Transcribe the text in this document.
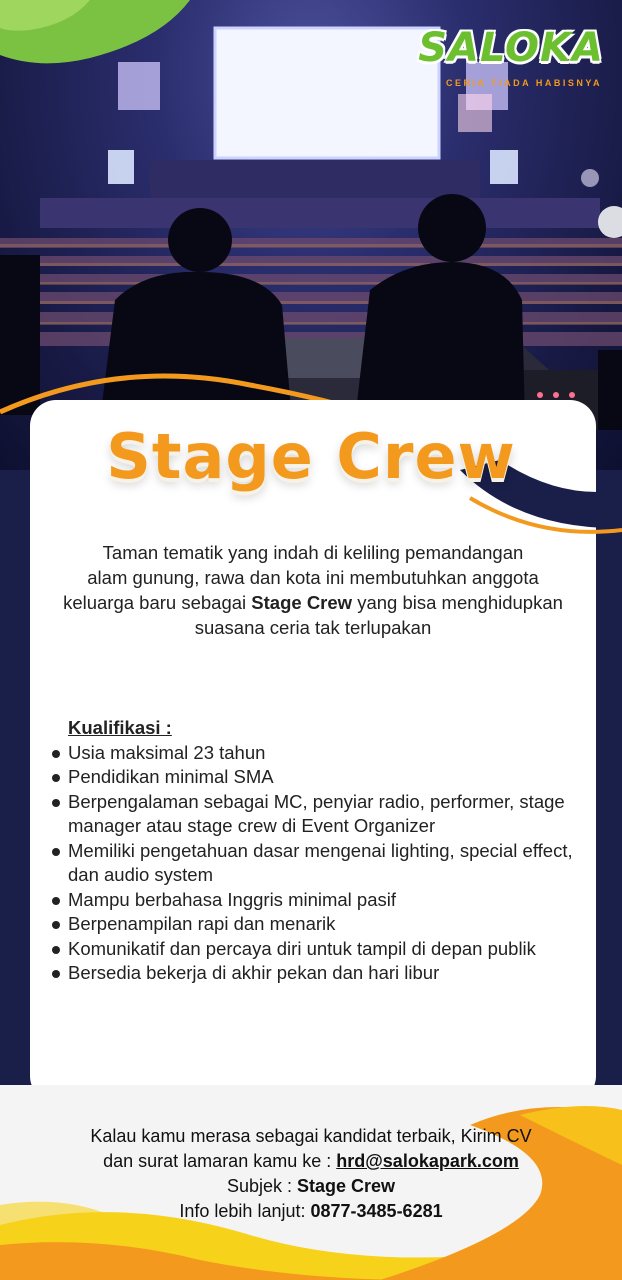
SALOKA
CERIA TIADA HABISNYA
Stage Crew
Taman tematik yang indah di keliling pemandangan
alam gunung, rawa dan kota ini membutuhkan anggota
keluarga baru sebagai Stage Crew yang bisa menghidupkan
suasana ceria tak terlupakan
Kualifikasi :
Usia maksimal 23 tahun
Pendidikan minimal SMA
Berpengalaman sebagai MC, penyiar radio, performer, stage manager atau stage crew di Event Organizer
Memiliki pengetahuan dasar mengenai lighting, special effect, dan audio system
Mampu berbahasa Inggris minimal pasif
Berpenampilan rapi dan menarik
Komunikatif dan percaya diri untuk tampil di depan publik
Bersedia bekerja di akhir pekan dan hari libur
Kalau kamu merasa sebagai kandidat terbaik, Kirim CV
dan surat lamaran kamu ke : hrd@salokapark.com
Subjek : Stage Crew
Info lebih lanjut: 0877-3485-6281
